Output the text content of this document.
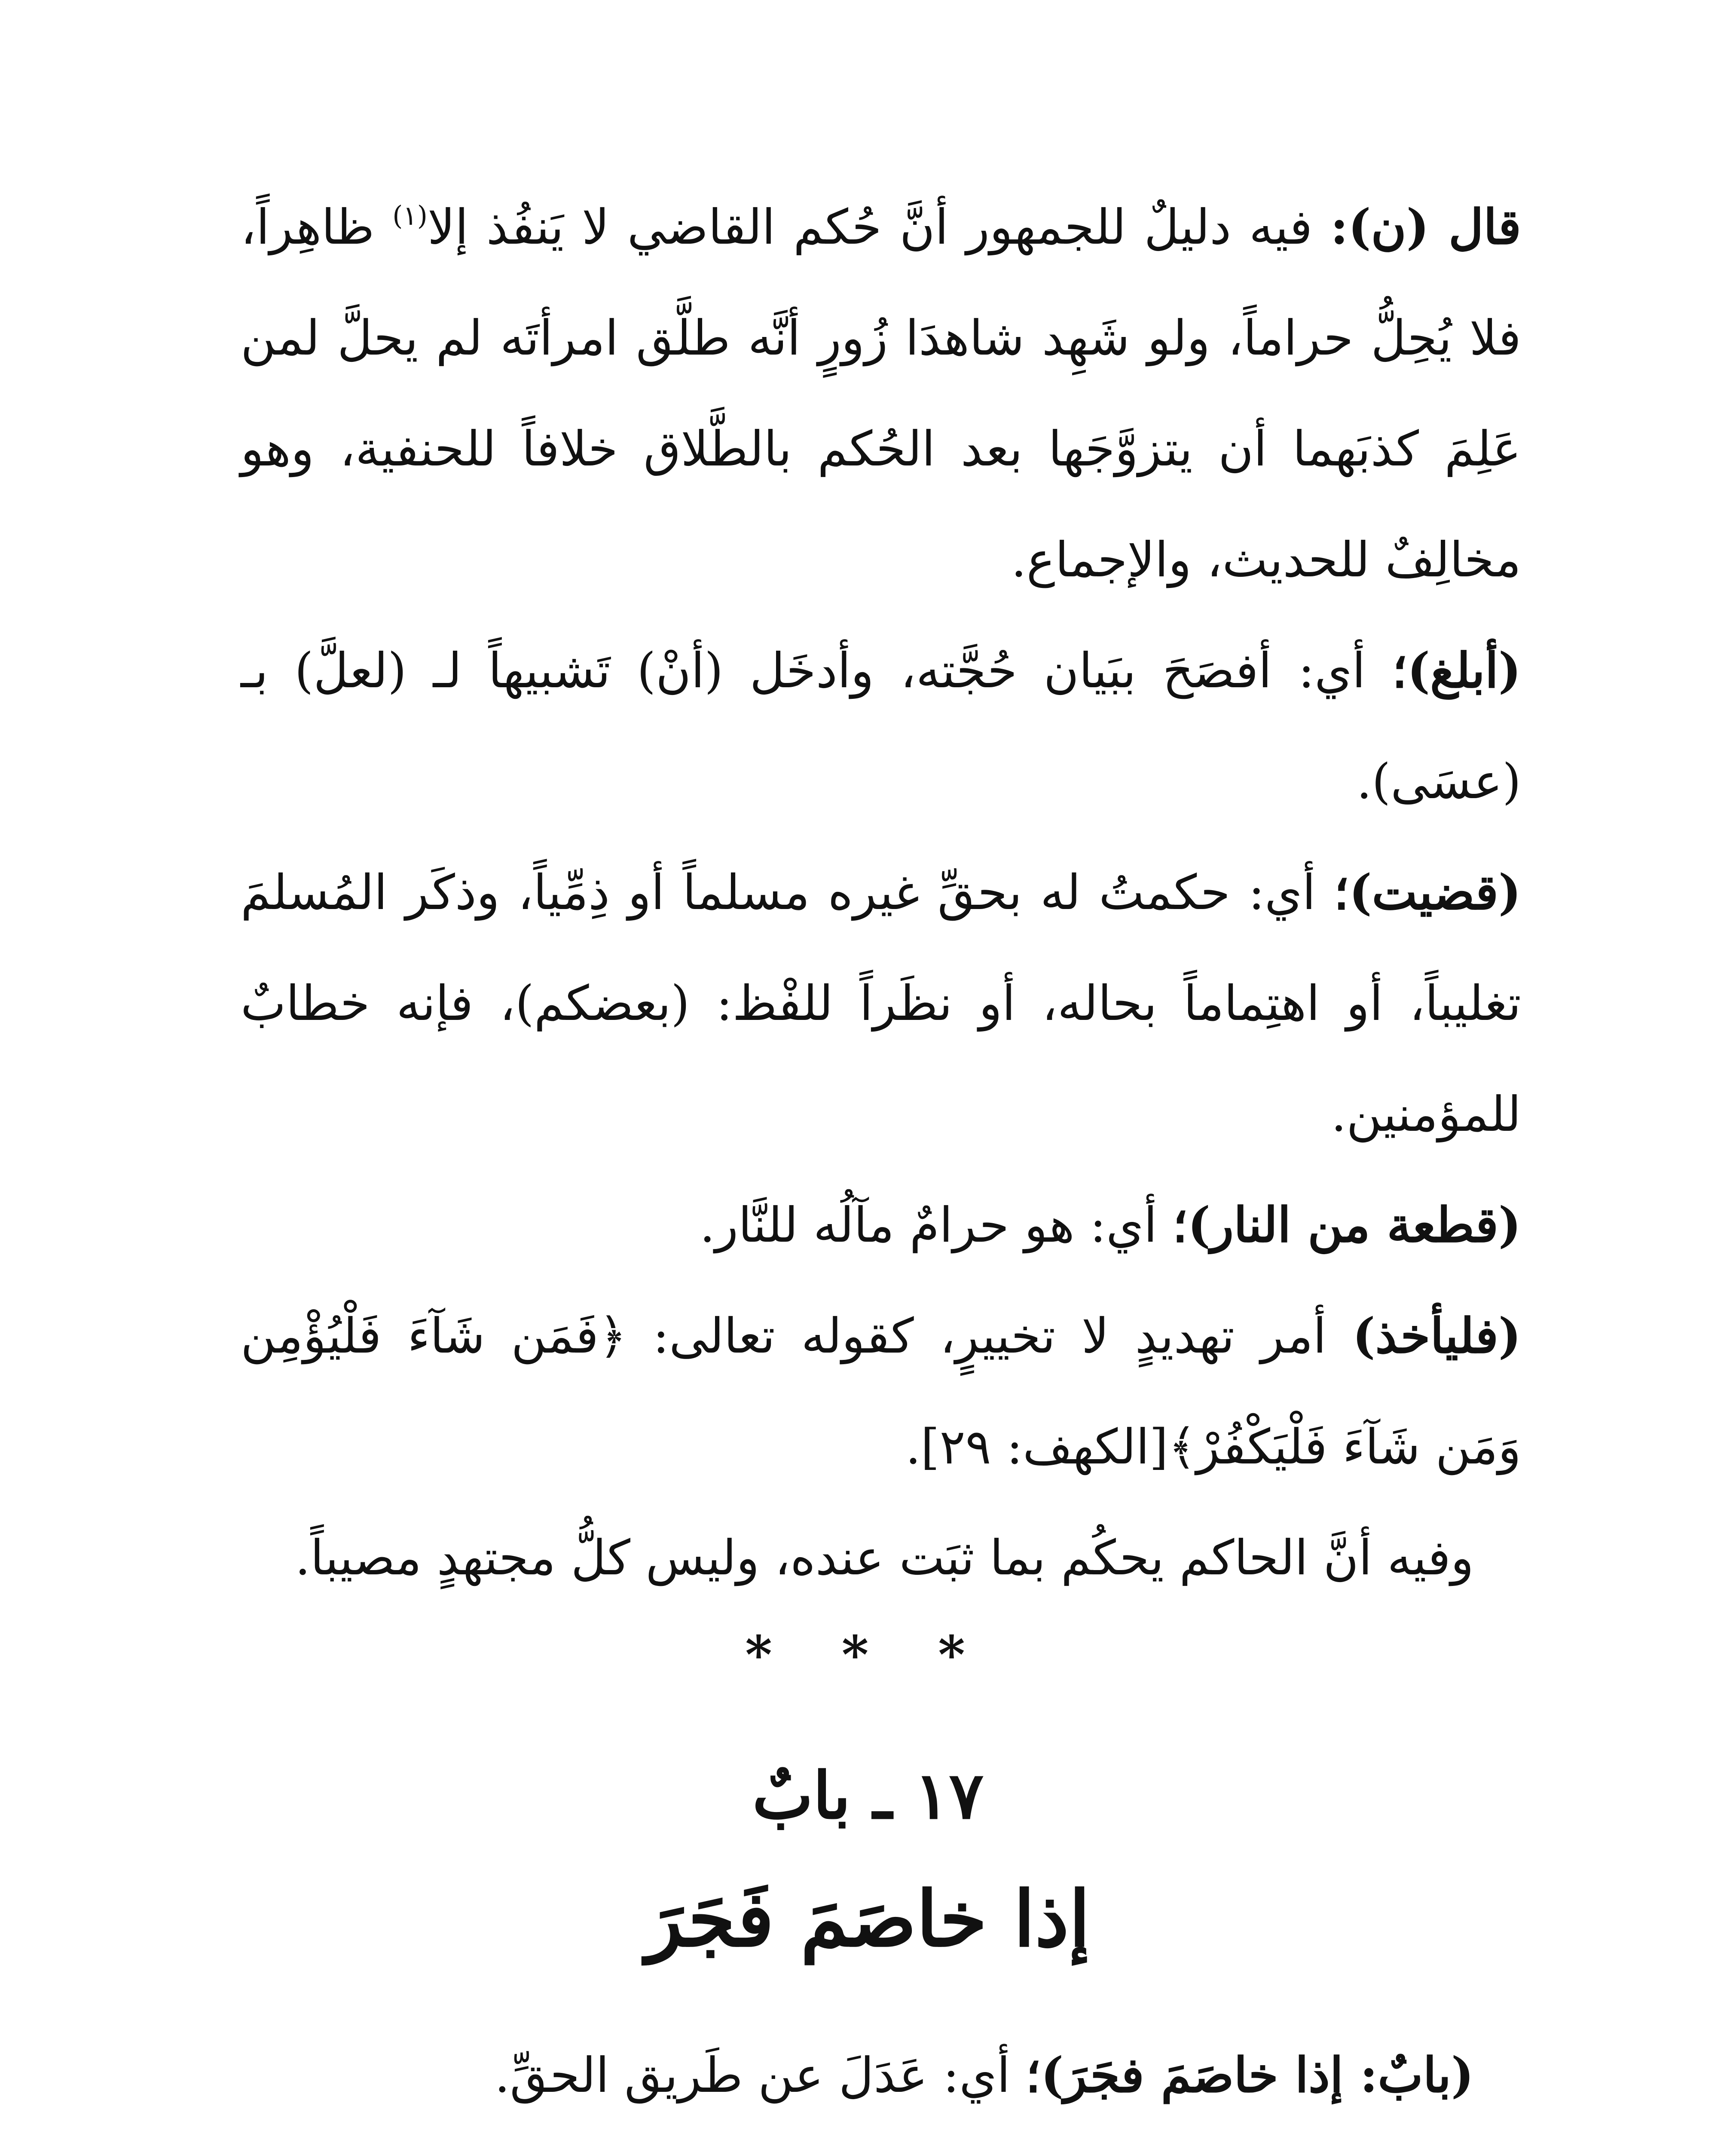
قال (ن): فيه دليلٌ للجمهور أنَّ حُكم القاضي لا يَنفُذ إلا$^{(١)}$ ظاهِراً، فلا يُحِلُّ حراماً، ولو شَهِد شاهدَا زُورٍ أنَّه طلَّق امرأتَه لم يحلَّ لمن عَلِمَ كذبَهما أن يتزوَّجَها بعد الحُكم بالطَّلاق خلافاً للحنفية، وهو مخالِفٌ للحديث، والإجماع.

(أبلغ)؛ أي: أفصَحَ ببَيان حُجَّته، وأدخَل (أنْ) تَشبيهاً لـ (لعلَّ) بـ (عسَى).

(قضيت)؛ أي: حكمتُ له بحقِّ غيره مسلماً أو ذِمِّياً، وذكَر المُسلمَ تغليباً، أو اهتِماماً بحاله، أو نظَراً للفْظ: (بعضكم)، فإنه خطابٌ للمؤمنين.

(قطعة من النار)؛ أي: هو حرامٌ مآلُه للنَّار.

(فليأخذ) أمر تهديدٍ لا تخييرٍ، كقوله تعالى: ﴿فَمَن شَآءَ فَلْيُؤْمِن وَمَن شَآءَ فَلْيَكْفُرْ﴾[الكهف: ٢٩].

وفيه أنَّ الحاكم يحكُم بما ثبَت عنده، وليس كلُّ مجتهدٍ مصيباً.

* * *
١٧ ـ بابٌ
إذا خاصَمَ فَجَرَ
(بابٌ: إذا خاصَمَ فجَرَ)؛ أي: عَدَلَ عن طَريق الحقِّ.
